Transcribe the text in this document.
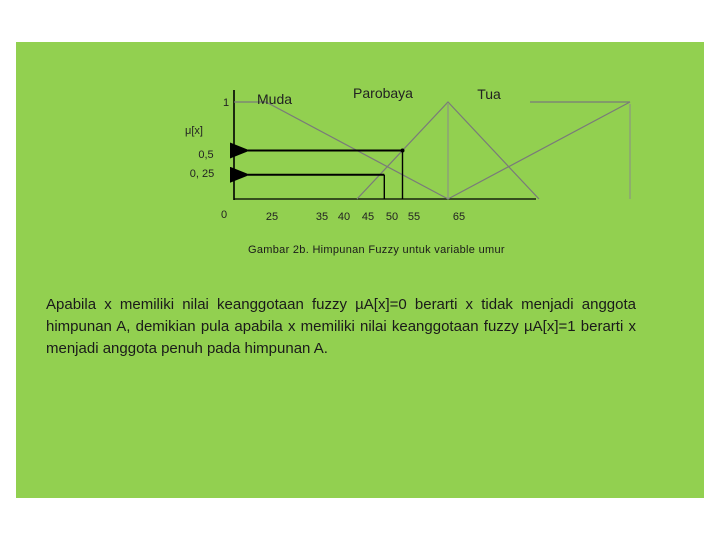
Muda	Parobaya	Tua
1
0,5
0, 25
0
μ[x]
25	35 40 45 50 55	65
Gambar 2b. Himpunan Fuzzy untuk variable umur
Apabila x memiliki nilai keanggotaan fuzzy µA[x]=0 berarti x tidak menjadi anggota himpunan A, demikian pula apabila x memiliki nilai keanggotaan fuzzy µA[x]=1 berarti x menjadi anggota penuh pada himpunan A.
